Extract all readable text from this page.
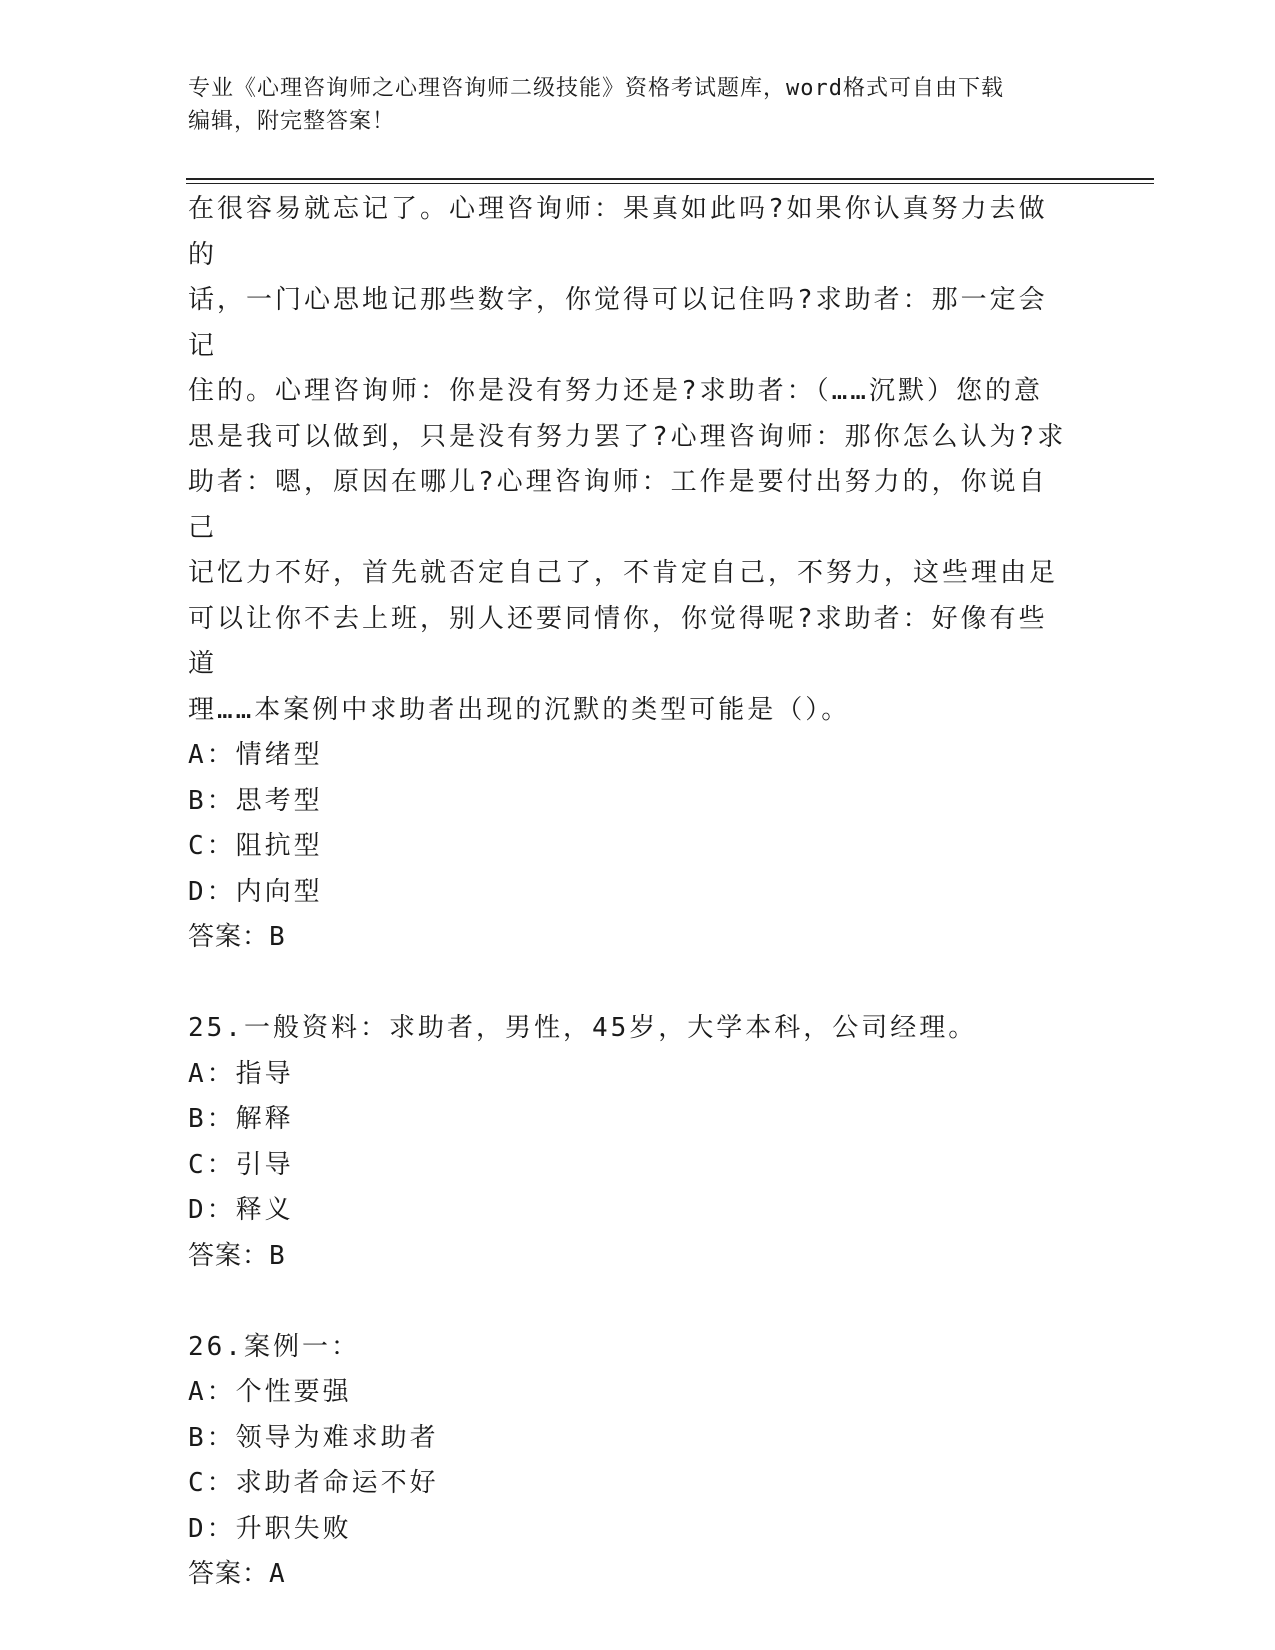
专业《心理咨询师之心理咨询师二级技能》资格考试题库，word格式可自由下载
编辑，附完整答案！

在很容易就忘记了。心理咨询师：果真如此吗?如果你认真努力去做的

话，一门心思地记那些数字，你觉得可以记住吗?求助者：那一定会记

住的。心理咨询师：你是没有努力还是?求助者：（……沉默）您的意

思是我可以做到，只是没有努力罢了?心理咨询师：那你怎么认为?求

助者：嗯，原因在哪儿?心理咨询师：工作是要付出努力的，你说自己

记忆力不好，首先就否定自己了，不肯定自己，不努力，这些理由足

可以让你不去上班，别人还要同情你，你觉得呢?求助者：好像有些道

理……本案例中求助者出现的沉默的类型可能是（）。

A：情绪型

B：思考型

C：阻抗型

D：内向型

答案：B

25.一般资料：求助者，男性，45岁，大学本科，公司经理。

A：指导

B：解释

C：引导

D：释义

答案：B

26.案例一：

A：个性要强

B：领导为难求助者

C：求助者命运不好

D：升职失败

答案：A
